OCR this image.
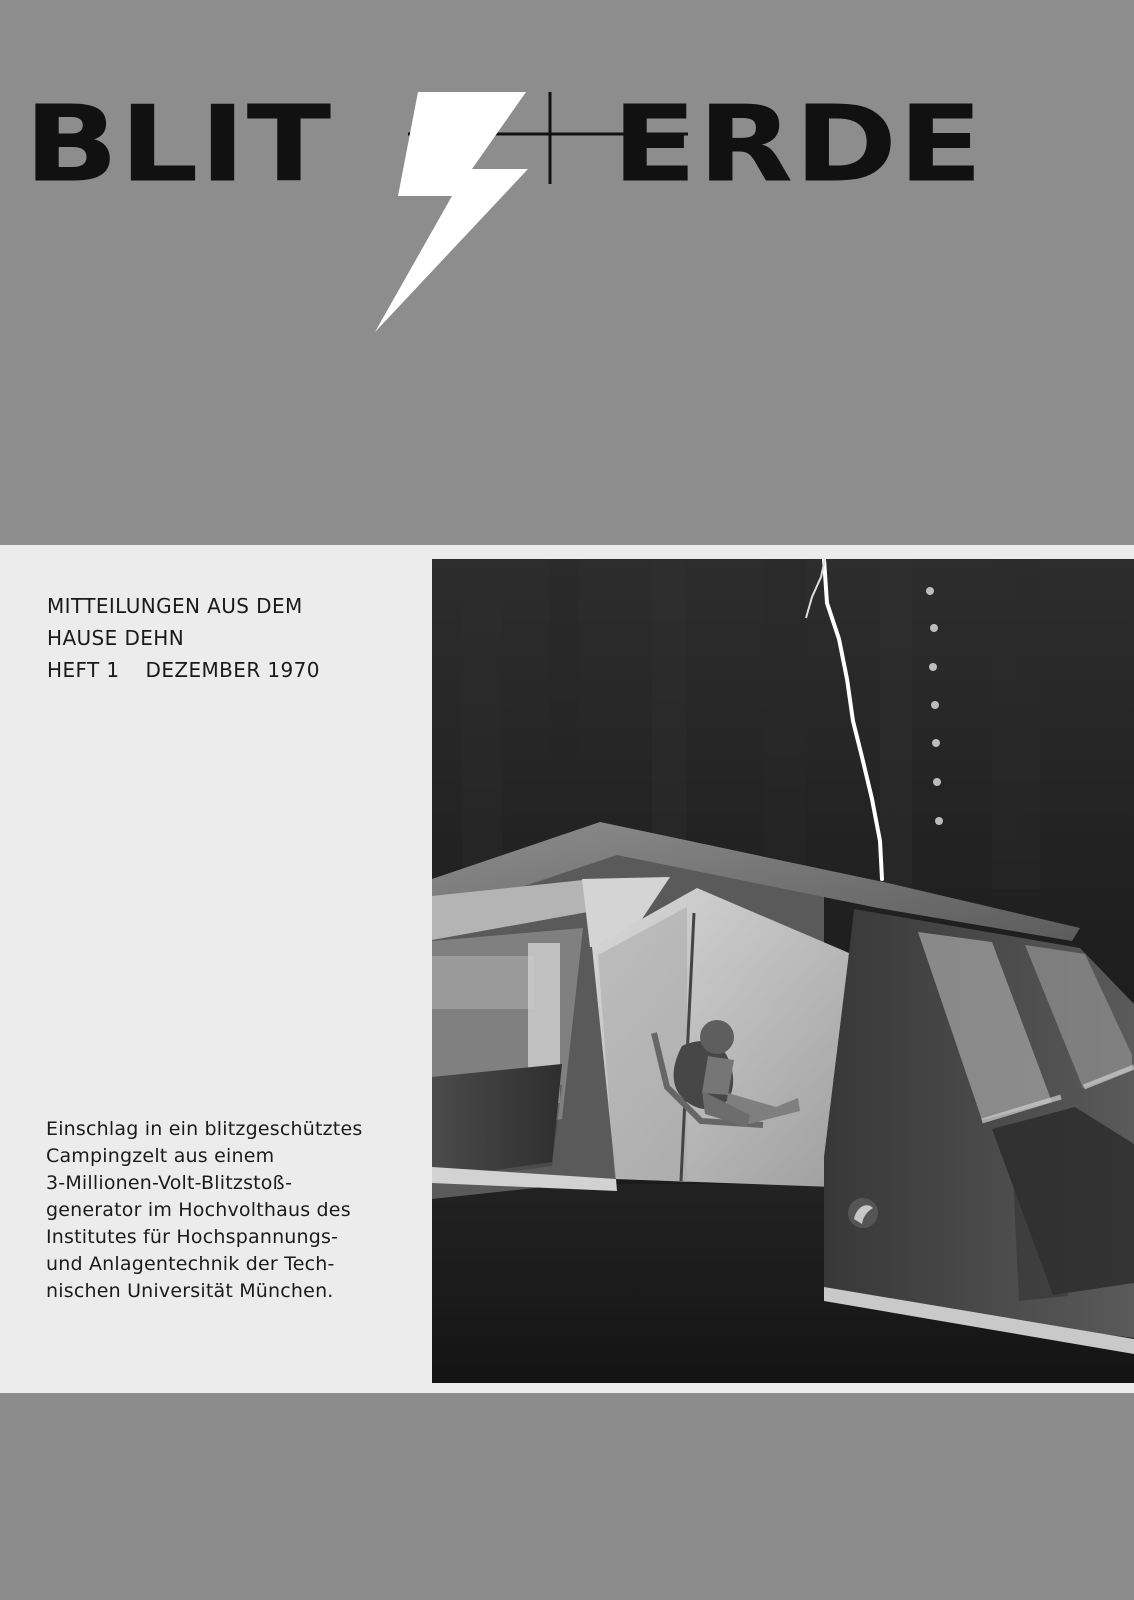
BLIT ERDE
MITTEILUNGEN AUS DEM
HAUSE DEHN
HEFT 1 DEZEMBER 1970
Einschlag in ein blitzgeschütztes
Campingzelt aus einem
3-Millionen-Volt-Blitzstoß-
generator im Hochvolthaus des
Institutes für Hochspannungs-
und Anlagentechnik der Tech-
nischen Universität München.
